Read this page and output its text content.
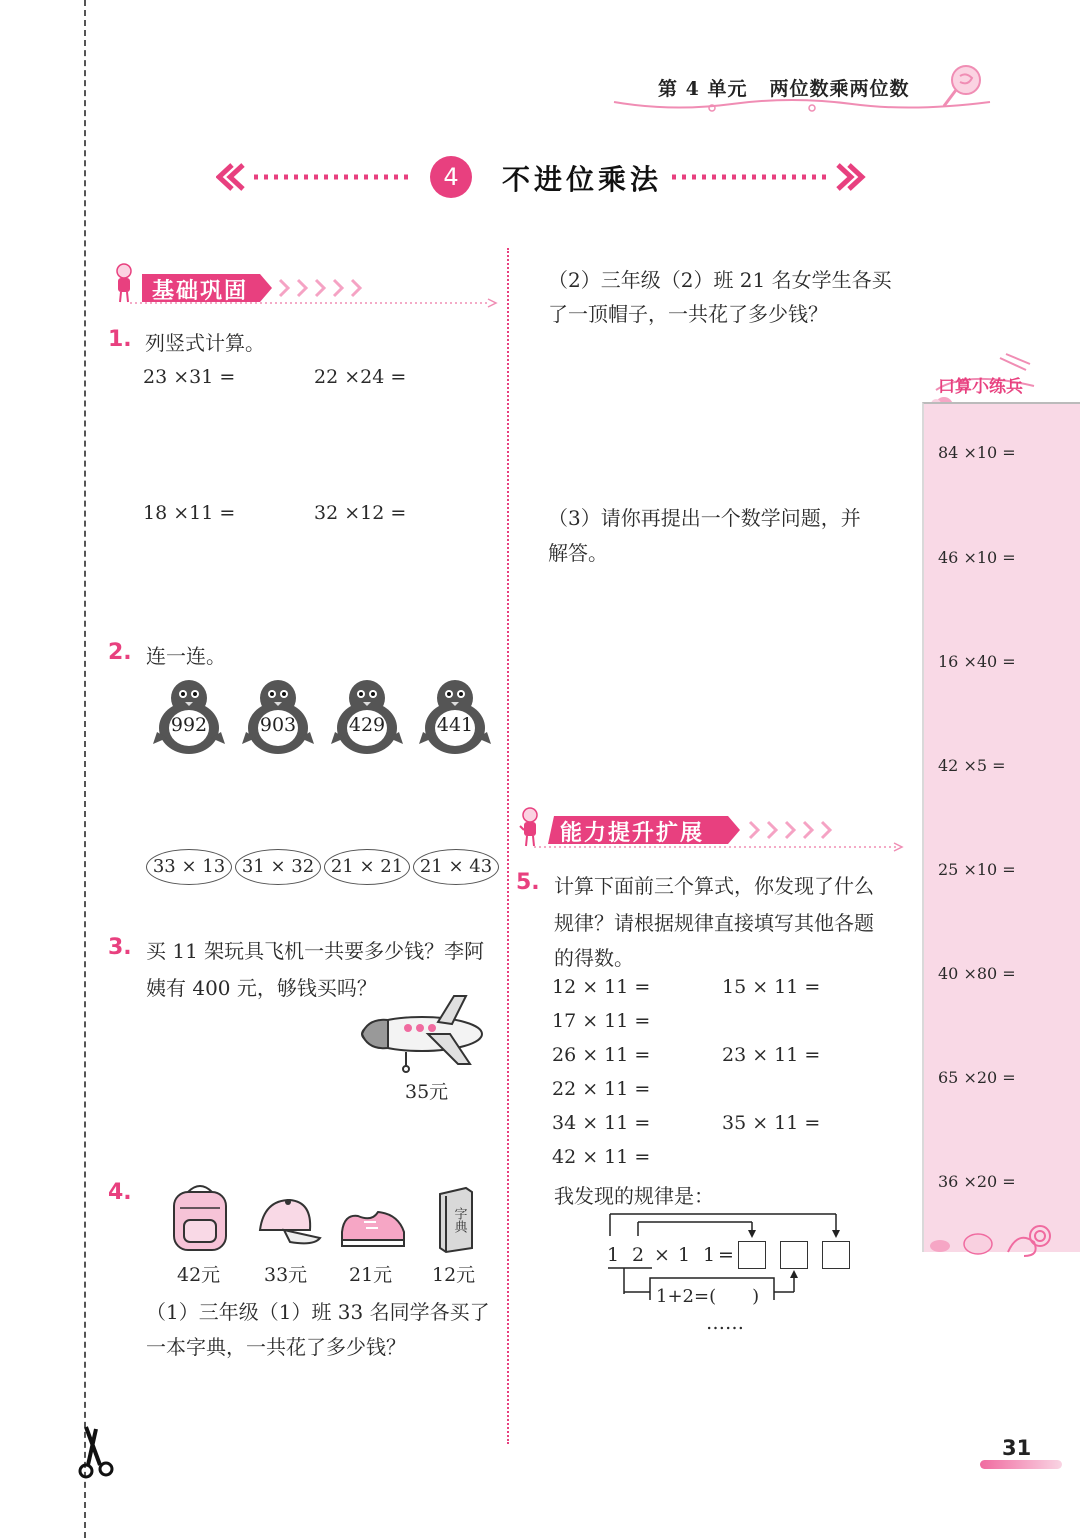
第 4 单元 两位数乘两位数
4	不进位乘法
基础巩固
1. 列竖式计算。
23 ×31 =	22 ×24 =
18 ×11 =	32 ×12 =
2. 连一连。
992	903	429	441
33 × 13 31 × 32 21 × 21 21 × 43
3. 买 11 架玩具飞机一共要多少钱？李阿
姨有 400 元，够钱买吗？
35元
4.
字典
42元 33元 21元 12元
（1）三年级（1）班 33 名同学各买了
一本字典，一共花了多少钱？
（2）三年级（2）班 21 名女学生各买
了一顶帽子，一共花了多少钱？
（3）请你再提出一个数学问题，并
解答。
能力提升扩展
5. 计算下面前三个算式，你发现了什么
规律？请根据规律直接填写其他各题
的得数。
12 × 11 =	15 × 11 =
17 × 11 =
26 × 11 =	23 × 11 =
22 × 11 =
34 × 11 =	35 × 11 =
42 × 11 =
我发现的规律是：
1 2 × 1 1 =
1+2=(　　)
……
口算小练兵
84 ×10 =
46 ×10 =
16 ×40 =
42 ×5 =
25 ×10 =
40 ×80 =
65 ×20 =
36 ×20 =
31
